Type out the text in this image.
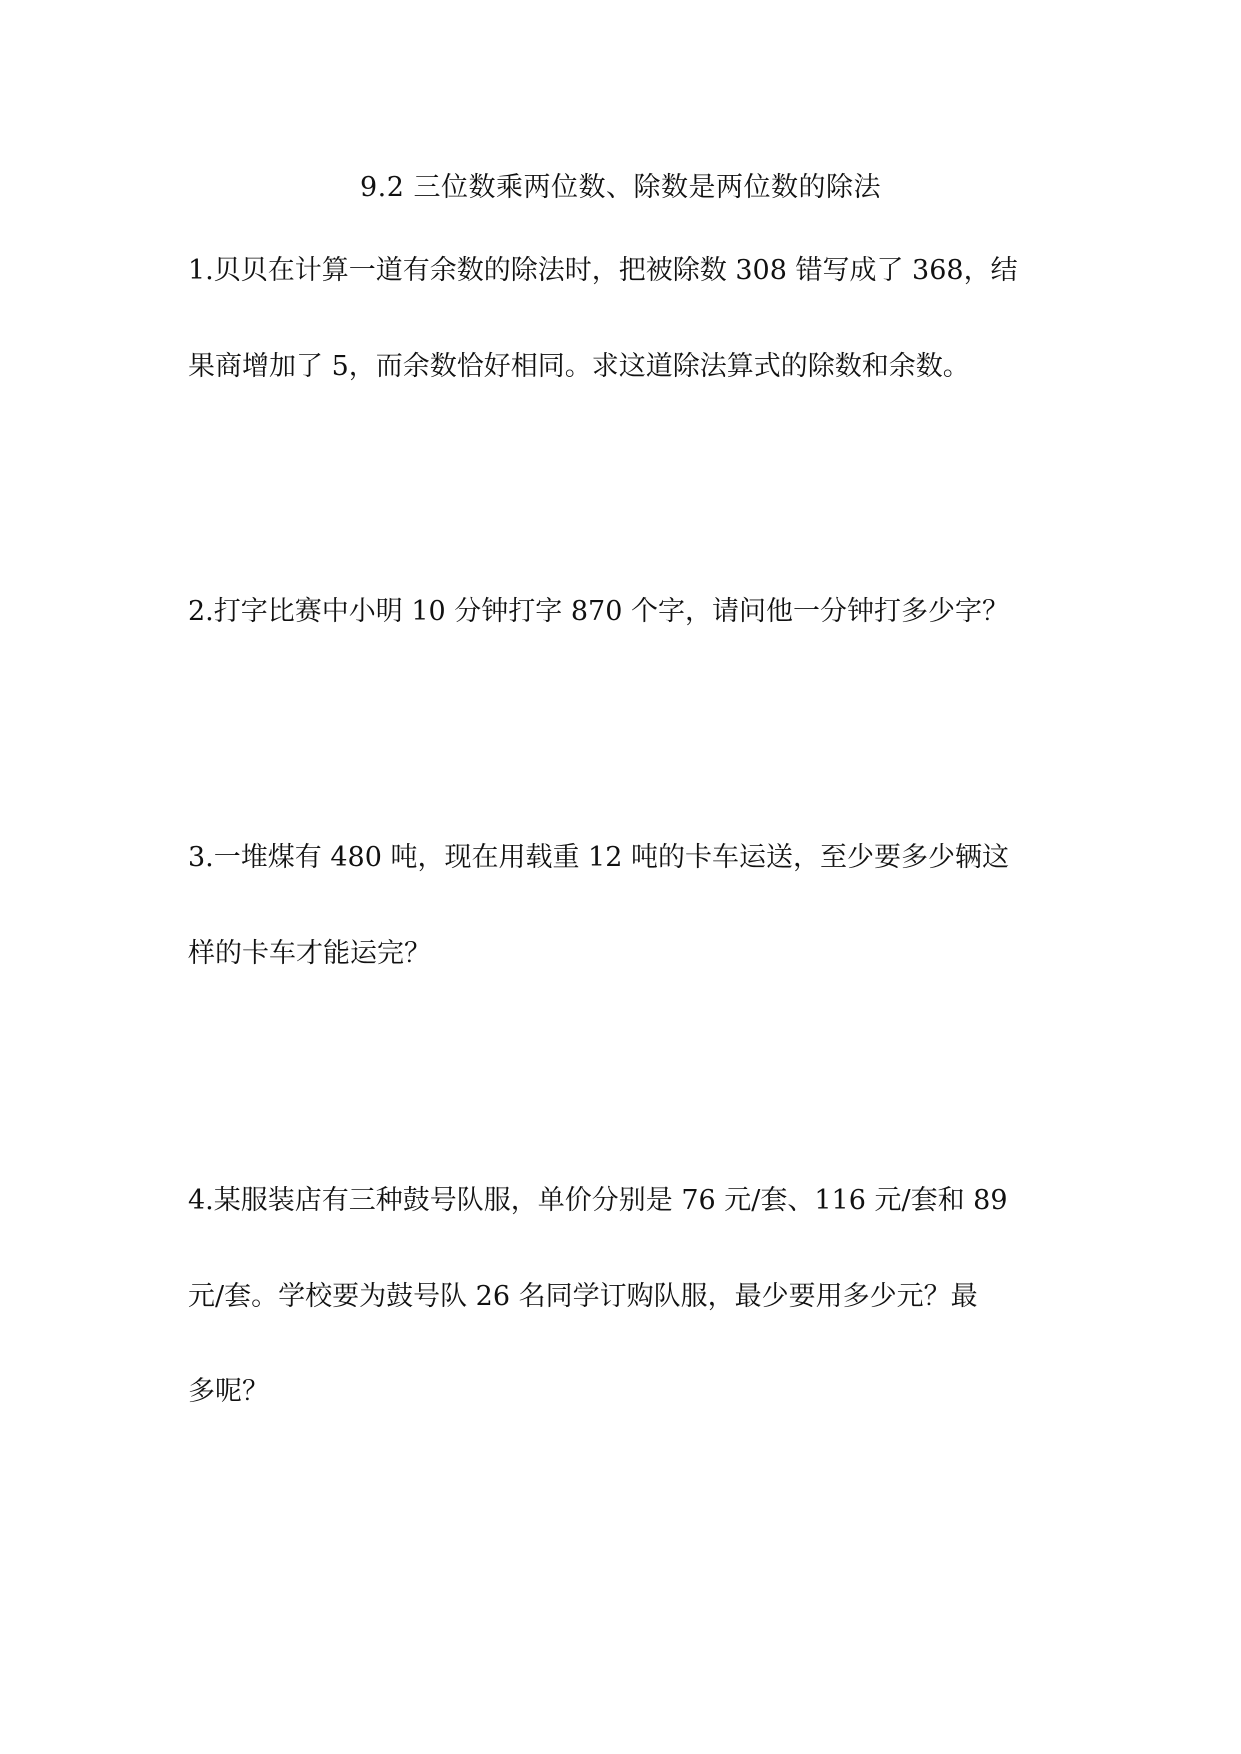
9.2 三位数乘两位数、除数是两位数的除法
1.贝贝在计算一道有余数的除法时，把被除数 308 错写成了 368，结
果商增加了 5，而余数恰好相同。求这道除法算式的除数和余数。
2.打字比赛中小明 10 分钟打字 870 个字，请问他一分钟打多少字？
3.一堆煤有 480 吨，现在用载重 12 吨的卡车运送，至少要多少辆这
样的卡车才能运完？
4.某服装店有三种鼓号队服，单价分别是 76 元/套、116 元/套和 89
元/套。学校要为鼓号队 26 名同学订购队服，最少要用多少元？最
多呢？
